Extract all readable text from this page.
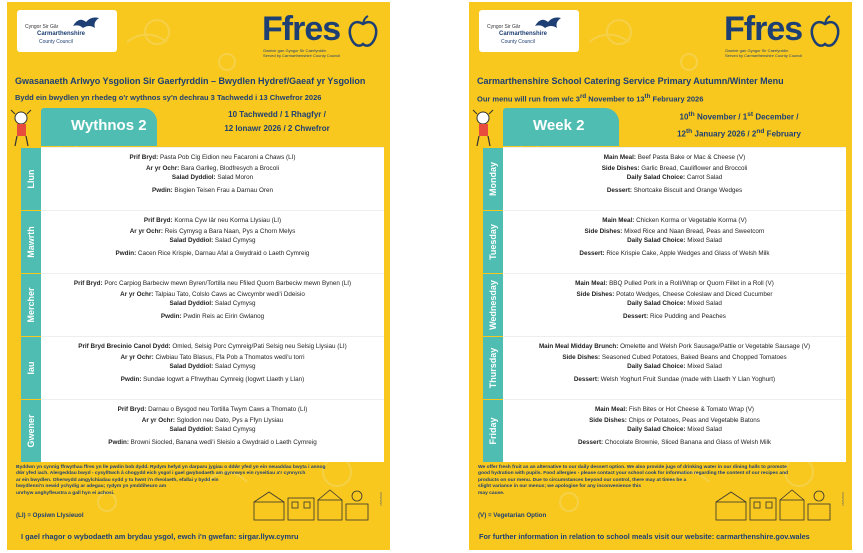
Cyngor Sir Gâr
Carmarthenshire
County Council	Ffres
Gweinir gan Gyngor Sir Caerfyrddin
Served by Carmarthenshire County Council
Gwasanaeth Arlwyo Ysgolion Sir Gaerfyrddin – Bwydlen Hydref/Gaeaf yr Ysgolion
Bydd ein bwydlen yn rhedeg o'r wythnos sy'n dechrau 3 Tachwedd i 13 Chwefror 2026
Wythnos 2
10 Tachwedd / 1 Rhagfyr /
12 Ionawr 2026 / 2 Chwefror
Llun
Prif Bryd: Pasta Pob Cig Eidion neu Facaroni a Chaws (LI)
Ar yr Ochr: Bara Garlleg, Blodfresych a Brocoli
Salad Dyddiol: Salad Moron
Pwdin: Bisgien Teisen Frau a Darnau Oren
Mawrth
Prif Bryd: Korma Cyw Iâr neu Korma Llysiau (LI)
Ar yr Ochr: Reis Cymysg a Bara Naan, Pys a Chorn Melys
Salad Dyddiol: Salad Cymysg
Pwdin: Cacen Rice Krispie, Darnau Afal a Gwydraid o Laeth Cymreig
Mercher
Prif Bryd: Porc Carpiog Barbeciw mewn Byren/Tortilla neu Ffiled Quorn Barbeciw mewn Bynen (LI)
Ar yr Ochr: Talpiau Tato, Colslo Caws ac Ciwcymbr wedi'i Ddeisio
Salad Dyddiol: Salad Cymysg
Pwdin: Pwdin Reis ac Eirin Gwlanog
Iau
Prif Bryd Brecinio Canol Dydd: Omled, Selsig Porc Cymreig/Pati Selsig neu Selsig Llysiau (LI)
Ar yr Ochr: Ciwbiau Tato Blasus, Ffa Pob a Thomatos wedi'u torri
Salad Dyddiol: Salad Cymysg
Pwdin: Sundae Iogwrt a Ffrwythau Cymreig (Iogwrt Llaeth y Llan)
Gwener
Prif Bryd: Darnau o Bysgod neu Tortilla Twym Caws a Thomato (LI)
Ar yr Ochr: Sglodion neu Dato, Pys a Ffyn Llysiau
Salad Dyddiol: Salad Cymysg
Pwdin: Browni Siocled, Banana wedi'i Sleisio a Gwydraid o Laeth Cymreig
Byddwn yn cynnig ffrwythau ffres yn lle pwdin bob dydd. Rydym hefyd yn darparu jygiau o ddŵr yfed yn ein neuaddau bwyta i annog
dŵr yfed iach. Alergeddau bwyd - cysylltwch â chogydd eich ysgol i gael gwybodaeth am gynnwys ein ryseitiau a'r cynnyrch
ar ein bwydlen. Oherwydd amgylchiadau sydd y tu hwnt i'n rheolaeth, efallai y bydd ein
bwydlenni'n newid ychydig ar adegau; rydym yn ymddiheuro am
unrhyw anghyfleustra a gall hyn ei achosi.	25/0250W
(LI) = Opsiwn Llysieuol
I gael rhagor o wybodaeth am brydau ysgol, ewch i'n gwefan: sirgar.llyw.cymru
Cyngor Sir Gâr
Carmarthenshire
County Council	Ffres
Gweinir gan Gyngor Sir Caerfyrddin
Served by Carmarthenshire County Council
Carmarthenshire School Catering Service Primary Autumn/Winter Menu
Our menu will run from w/c 3rd November to 13th February 2026
Week 2	10th November / 1st December /
12th January 2026 / 2nd February
Monday
Main Meal: Beef Pasta Bake or Mac & Cheese (V)
Side Dishes: Garlic Bread, Cauliflower and Broccoli
Daily Salad Choice: Carrot Salad
Dessert: Shortcake Biscuit and Orange Wedges
Tuesday
Main Meal: Chicken Korma or Vegetable Korma (V)
Side Dishes: Mixed Rice and Naan Bread, Peas and Sweetcorn
Daily Salad Choice: Mixed Salad
Dessert: Rice Krispie Cake, Apple Wedges and Glass of Welsh Milk
Wednesday	Main Meal: BBQ Pulled Pork in a Roll/Wrap or Quorn Fillet in a Roll (V)
Side Dishes: Potato Wedges, Cheese Coleslaw and Diced Cucumber
Daily Salad Choice: Mixed Salad
Dessert: Rice Pudding and Peaches
Thursday
Main Meal Midday Brunch: Omelette and Welsh Pork Sausage/Pattie or Vegetable Sausage (V)
Side Dishes: Seasoned Cubed Potatoes, Baked Beans and Chopped Tomatoes
Daily Salad Choice: Mixed Salad
Dessert: Welsh Yoghurt Fruit Sundae (made with Llaeth Y Llan Yoghurt)
Friday
Main Meal: Fish Bites or Hot Cheese & Tomato Wrap (V)
Side Dishes: Chips or Potatoes, Peas and Vegetable Batons
Daily Salad Choice: Mixed Salad
Dessert: Chocolate Brownie, Sliced Banana and Glass of Welsh Milk
We offer fresh fruit as an alternative to our daily dessert option. We also provide jugs of drinking water in our dining halls to promote
good hydration with pupils. Food allergies - please contact your school cook for information regarding the content of our recipes and
products on our menu. Due to circumstances beyond our control, there may at times be a
slight variance in our menus; we apologise for any inconvenience this
may cause.	25/0250W
(V) = Vegetarian Option
For further information in relation to school meals visit our website: carmarthenshire.gov.wales
